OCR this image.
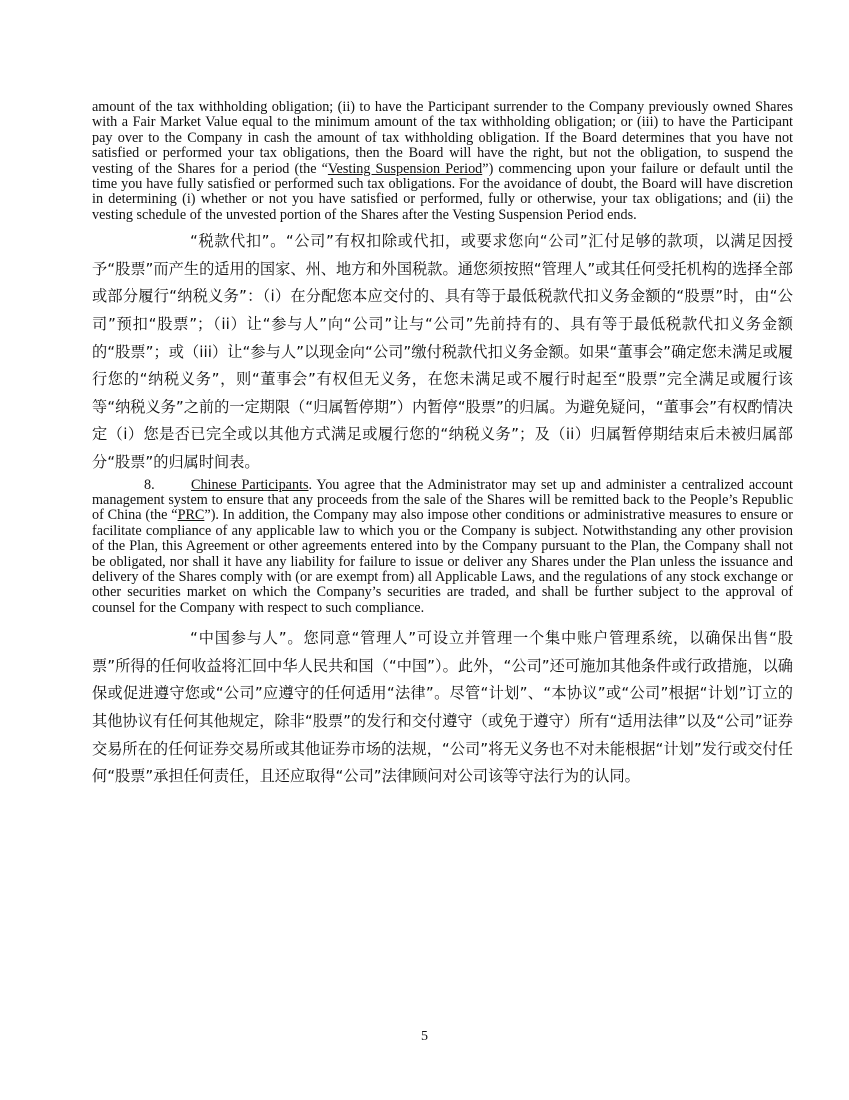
amount of the tax withholding obligation; (ii) to have the Participant surrender to the Company previously owned Shares with a Fair Market Value equal to the minimum amount of the tax withholding obligation; or (iii) to have the Participant pay over to the Company in cash the amount of tax withholding obligation. If the Board determines that you have not satisfied or performed your tax obligations, then the Board will have the right, but not the obligation, to suspend the vesting of the Shares for a period (the “Vesting Suspension Period”) commencing upon your failure or default until the time you have fully satisfied or performed such tax obligations. For the avoidance of doubt, the Board will have discretion in determining (i) whether or not you have satisfied or performed, fully or otherwise, your tax obligations; and (ii) the vesting schedule of the unvested portion of the Shares after the Vesting Suspension Period ends.

“税款代扣”。“公司”有权扣除或代扣，或要求您向“公司”汇付足够的款项，以满足因授予“股票”而产生的适用的国家、州、地方和外国税款。通您须按照“管理人”或其任何受托机构的选择全部或部分履行“纳税义务”：（i）在分配您本应交付的、具有等于最低税款代扣义务金额的“股票”时，由“公司”预扣“股票”；（ii）让“参与人”向“公司”让与“公司”先前持有的、具有等于最低税款代扣义务金额的“股票”；或（iii）让“参与人”以现金向“公司”缴付税款代扣义务金额。如果“董事会”确定您未满足或履行您的“纳税义务”，则“董事会”有权但无义务，在您未满足或不履行时起至“股票”完全满足或履行该等“纳税义务”之前的一定期限（“归属暂停期”）内暂停“股票”的归属。为避免疑问，“董事会”有权酌情决定（i）您是否已完全或以其他方式满足或履行您的“纳税义务”；及（ii）归属暂停期结束后未被归属部分“股票”的归属时间表。

8.	Chinese Participants. You agree that the Administrator may set up and administer a centralized account management system to ensure that any proceeds from the sale of the Shares will be remitted back to the People’s Republic of China (the “PRC”). In addition, the Company may also impose other conditions or administrative measures to ensure or facilitate compliance of any applicable law to which you or the Company is subject. Notwithstanding any other provision of the Plan, this Agreement or other agreements entered into by the Company pursuant to the Plan, the Company shall not be obligated, nor shall it have any liability for failure to issue or deliver any Shares under the Plan unless the issuance and delivery of the Shares comply with (or are exempt from) all Applicable Laws, and the regulations of any stock exchange or other securities market on which the Company’s securities are traded, and shall be further subject to the approval of counsel for the Company with respect to such compliance.

“中国参与人”。您同意“管理人”可设立并管理一个集中账户管理系统，以确保出售“股票”所得的任何收益将汇回中华人民共和国（“中国”）。此外，“公司”还可施加其他条件或行政措施，以确保或促进遵守您或“公司”应遵守的任何适用“法律”。尽管“计划”、“本协议”或“公司”根据“计划”订立的其他协议有任何其他规定，除非“股票”的发行和交付遵守（或免于遵守）所有“适用法律”以及“公司”证券交易所在的任何证券交易所或其他证券市场的法规，“公司”将无义务也不对未能根据“计划”发行或交付任何“股票”承担任何责任，且还应取得“公司”法律顾问对公司该等守法行为的认同。

5
